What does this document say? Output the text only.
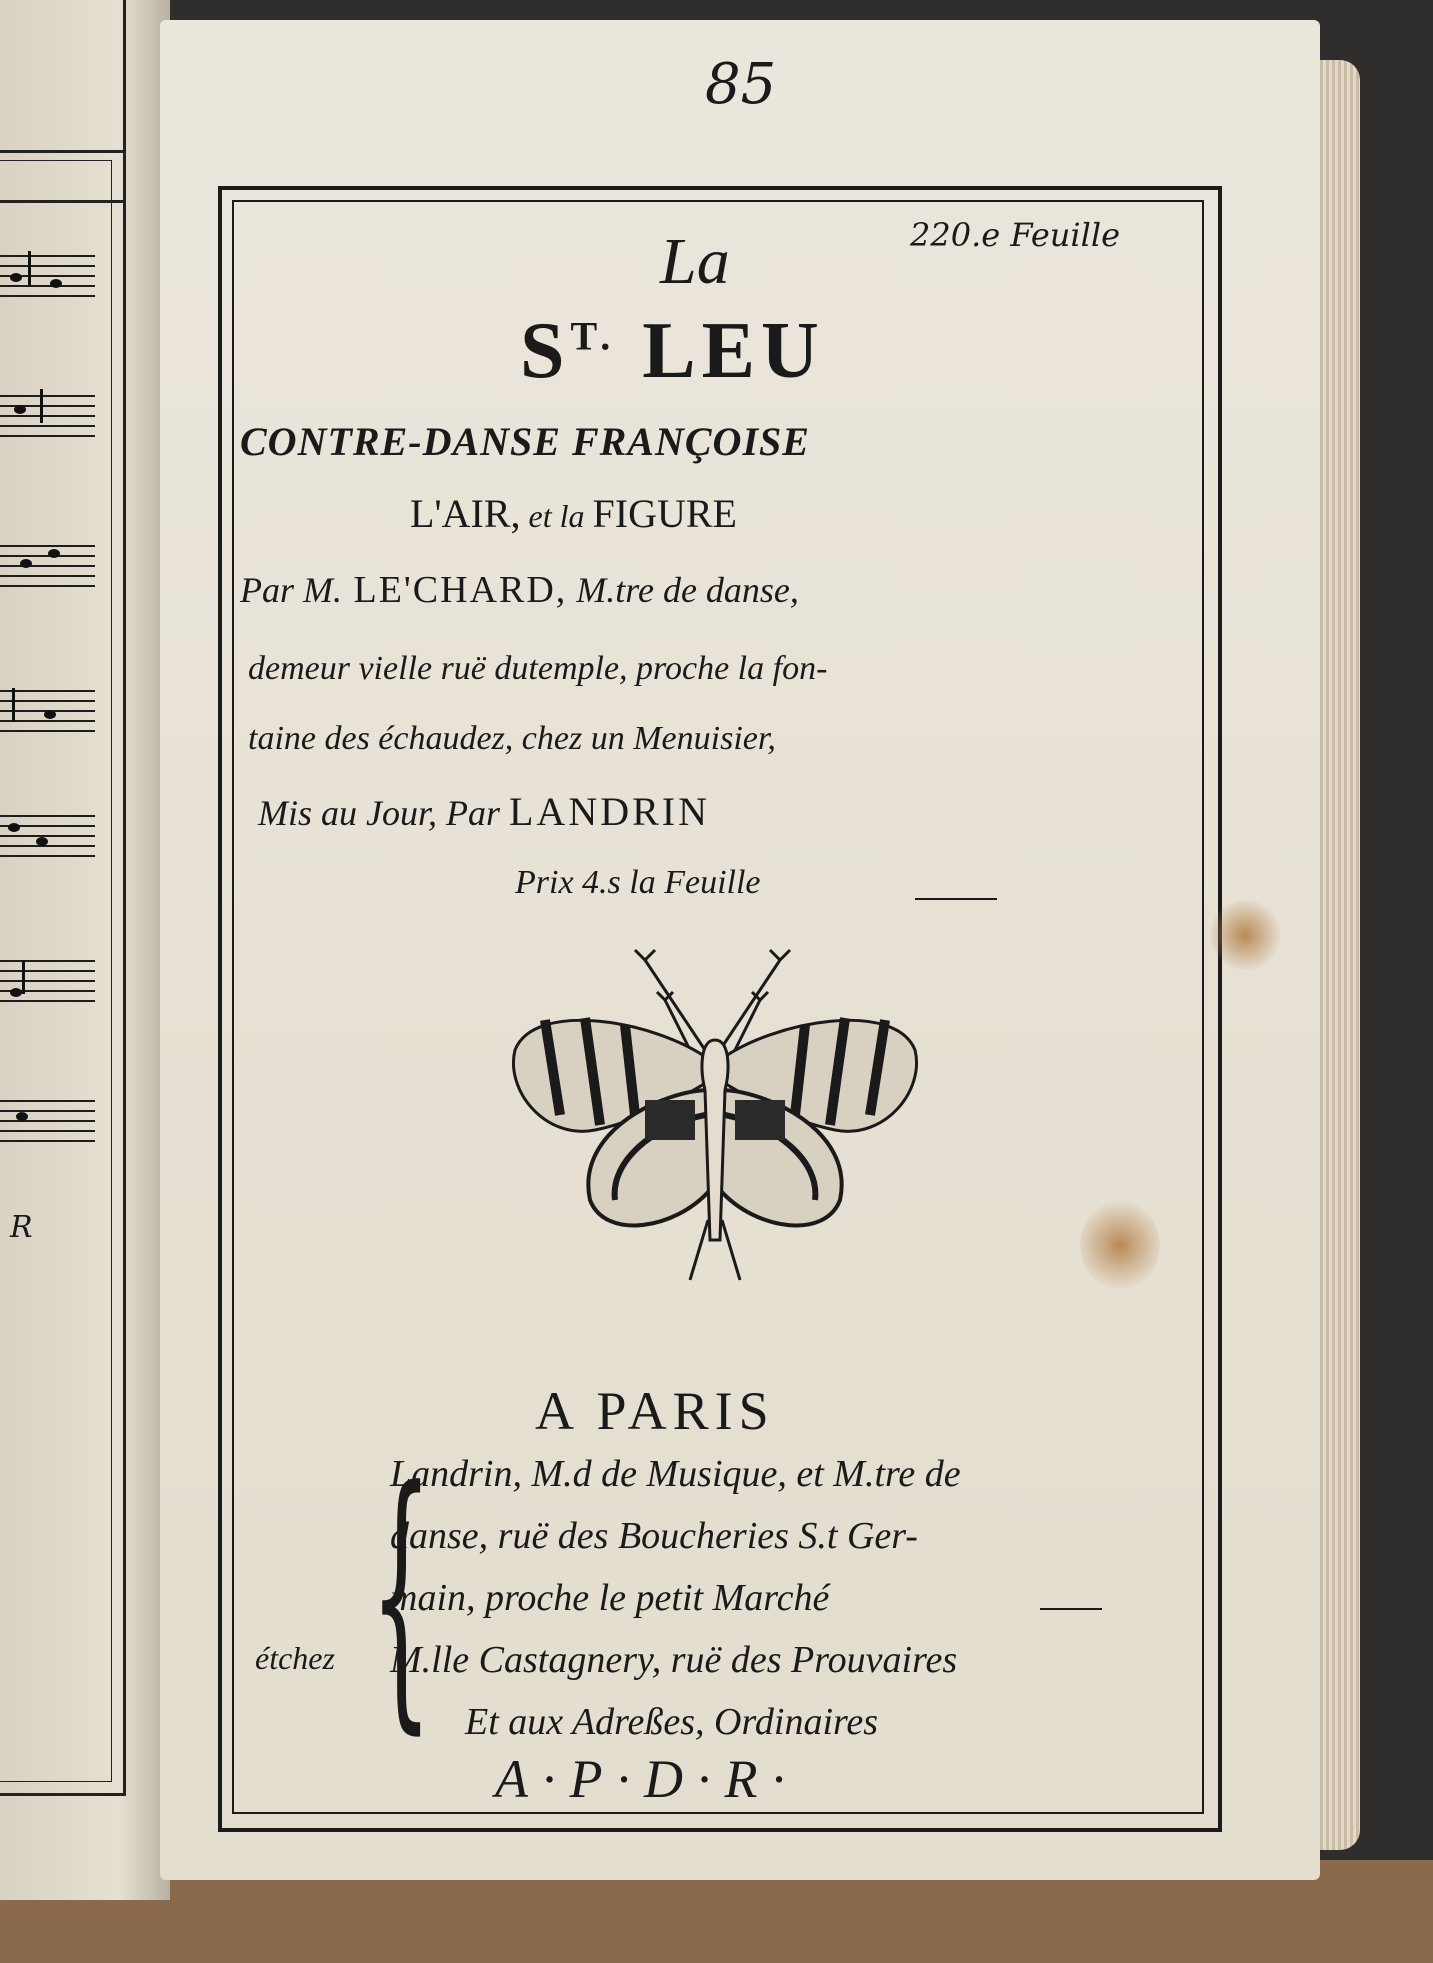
R
85
220.e Feuille
La
$S^{T.}$ LEU
CONTRE-DANSE FRANÇOISE
L'AIR, et la FIGURE
Par M. LE'CHARD, M.tre de danse,
demeur vielle ruë dutemple, proche la fon-
taine des échaudez, chez un Menuisier,
Mis au Jour, Par LANDRIN
Prix 4.s la Feuille
A PARIS
{
Landrin, M.d de Musique, et M.tre de
danse, ruë des Boucheries S.t Ger-
main, proche le petit Marché
étchez M.lle Castagnery, ruë des Prouvaires
Et aux Adreßes, Ordinaires
A·P·D·R·
